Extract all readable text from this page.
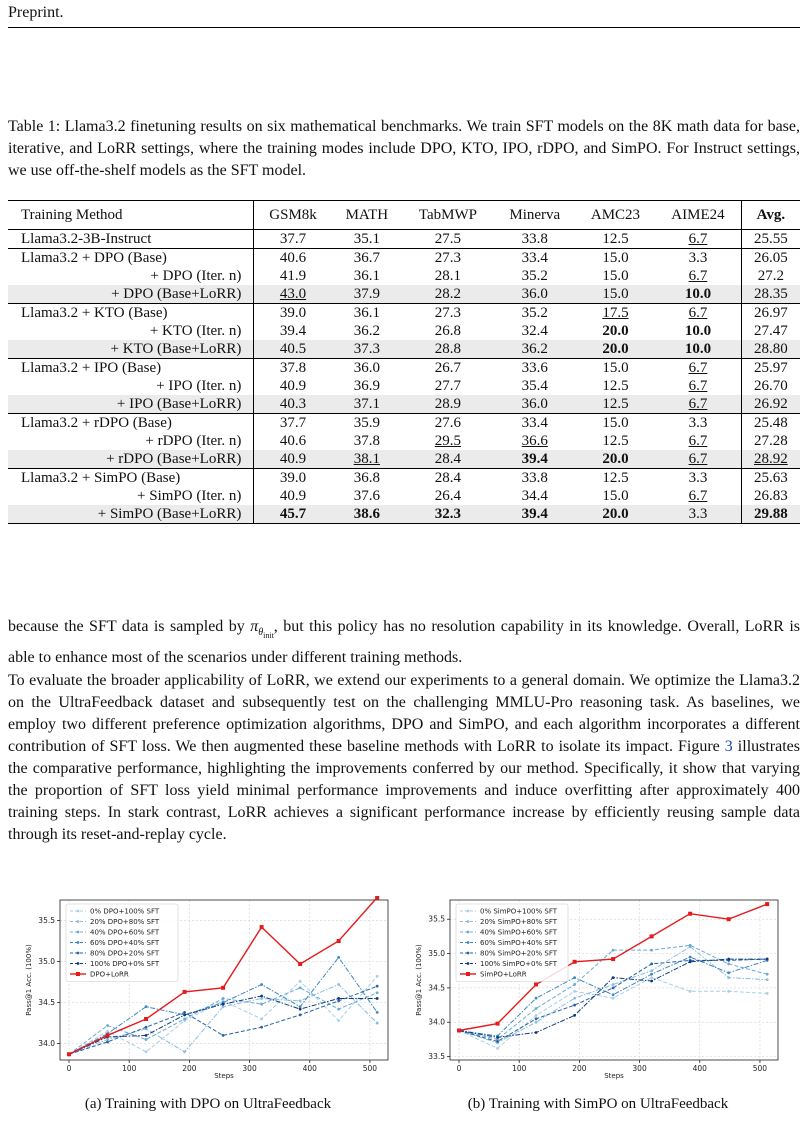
Preprint.
Table 1: Llama3.2 finetuning results on six mathematical benchmarks. We train SFT models on the 8K math data for base, iterative, and LoRR settings, where the training modes include DPO, KTO, IPO, rDPO, and SimPO. For Instruct settings, we use off-the-shelf models as the SFT model.
Training Method	GSM8k	MATH	TabMWP	Minerva	AMC23	AIME24	Avg.
Llama3.2-3B-Instruct	37.7	35.1	27.5	33.8	12.5	6.7	25.55
Llama3.2 + DPO (Base)	40.6	36.7	27.3	33.4	15.0	3.3	26.05
+ DPO (Iter. n)	41.9	36.1	28.1	35.2	15.0	6.7	27.2
+ DPO (Base+LoRR)	43.0	37.9	28.2	36.0	15.0	10.0	28.35
Llama3.2 + KTO (Base)	39.0	36.1	27.3	35.2	17.5	6.7	26.97
+ KTO (Iter. n)	39.4	36.2	26.8	32.4	20.0	10.0	27.47
+ KTO (Base+LoRR)	40.5	37.3	28.8	36.2	20.0	10.0	28.80
Llama3.2 + IPO (Base)	37.8	36.0	26.7	33.6	15.0	6.7	25.97
+ IPO (Iter. n)	40.9	36.9	27.7	35.4	12.5	6.7	26.70
+ IPO (Base+LoRR)	40.3	37.1	28.9	36.0	12.5	6.7	26.92
Llama3.2 + rDPO (Base)	37.7	35.9	27.6	33.4	15.0	3.3	25.48
+ rDPO (Iter. n)	40.6	37.8	29.5	36.6	12.5	6.7	27.28
+ rDPO (Base+LoRR)	40.9	38.1	28.4	39.4	20.0	6.7	28.92
Llama3.2 + SimPO (Base)	39.0	36.8	28.4	33.8	12.5	3.3	25.63
+ SimPO (Iter. n)	40.9	37.6	26.4	34.4	15.0	6.7	26.83
+ SimPO (Base+LoRR)	45.7	38.6	32.3	39.4	20.0	3.3	29.88
because the SFT data is sampled by $\pi_{\theta_{init}}$, but this policy has no resolution capability in its knowledge. Overall, LoRR is able to enhance most of the scenarios under different training methods.
To evaluate the broader applicability of LoRR, we extend our experiments to a general domain. We optimize the Llama3.2 on the UltraFeedback dataset and subsequently test on the challenging MMLU-Pro reasoning task. As baselines, we employ two different preference optimization algorithms, DPO and SimPO, and each algorithm incorporates a different contribution of SFT loss. We then augmented these baseline methods with LoRR to isolate its impact. Figure 3 illustrates the comparative performance, highlighting the improvements conferred by our method. Specifically, it show that varying the proportion of SFT loss yield minimal performance improvements and induce overfitting after approximately 400 training steps. In stark contrast, LoRR achieves a significant performance increase by efficiently reusing sample data through its reset-and-replay cycle.
0	100	200	300	400	500
34.0
34.5
35.0
35.5
Steps
Pass@1 Acc. (100%)
0% DPO+100% SFT
20% DPO+80% SFT
40% DPO+60% SFT
60% DPO+40% SFT
80% DPO+20% SFT
100% DPO+0% SFT
DPO+LoRR
0	100	200	300	400	500
33.5
34.0
34.5
35.0
35.5
Steps
Pass@1 Acc. (100%)
0% SimPO+100% SFT
20% SimPO+80% SFT
40% SimPO+60% SFT
60% SimPO+40% SFT
80% SimPO+20% SFT
100% SimPO+0% SFT
SimPO+LoRR
(a) Training with DPO on UltraFeedback	(b) Training with SimPO on UltraFeedback
